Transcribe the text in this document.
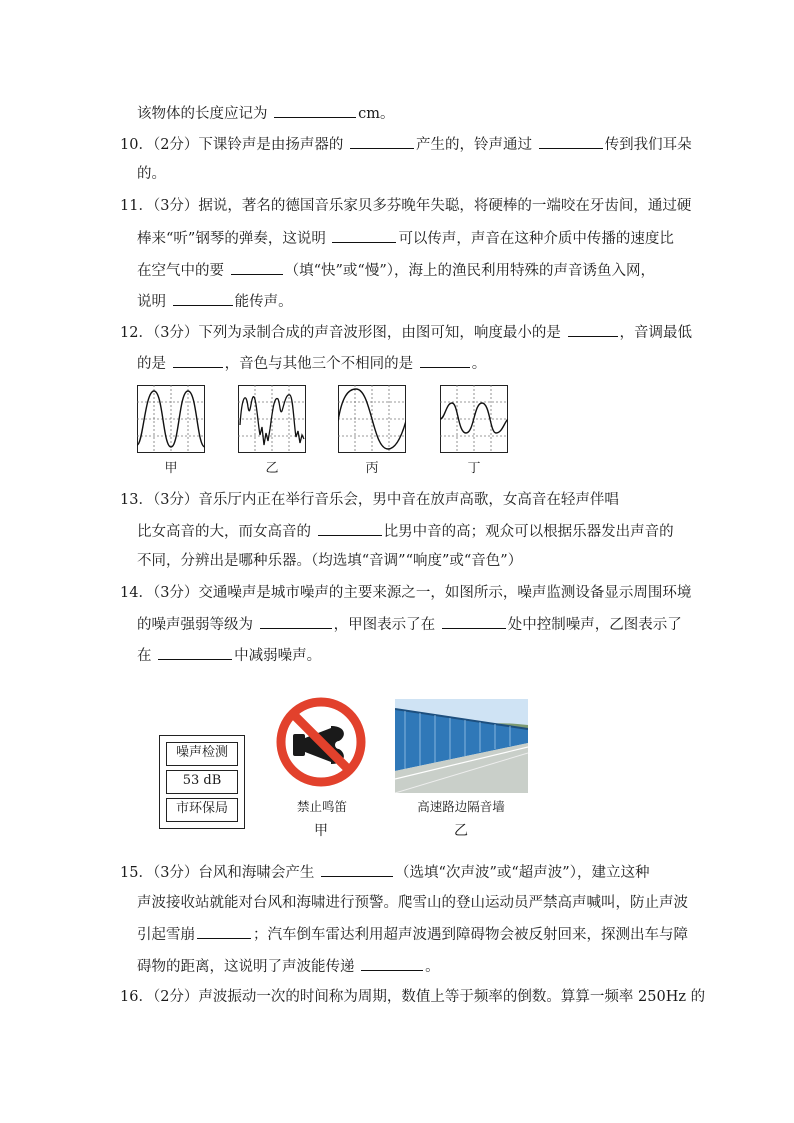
该物体的长度应记为	cm。
10．（2分）下课铃声是由扬声器的	产生的，铃声通过	传到我们耳朵
的。
11．（3分）据说，著名的德国音乐家贝多芬晚年失聪，将硬棒的一端咬在牙齿间，通过硬
棒来“听”钢琴的弹奏，这说明	可以传声，声音在这种介质中传播的速度比
在空气中的要	（填“快”或“慢”），海上的渔民利用特殊的声音诱鱼入网，
说明	能传声。
12．（3分）下列为录制合成的声音波形图，由图可知，响度最小的是	，音调最低
的是	，音色与其他三个不相同的是	。
甲	乙	丙	丁
13．（3分）音乐厅内正在举行音乐会，男中音在放声高歌，女高音在轻声伴唱
比女高音的大，而女高音的	比男中音的高；观众可以根据乐器发出声音的
不同，分辨出是哪种乐器。（均选填“音调”“响度”或“音色”）
14．（3分）交通噪声是城市噪声的主要来源之一，如图所示，噪声监测设备显示周围环境
的噪声强弱等级为	，甲图表示了在	处中控制噪声，乙图表示了
在	中减弱噪声。
噪声检测
53 dB
市环保局	禁止鸣笛
甲
高速路边隔音墙
乙
15．（3分）台风和海啸会产生	（选填“次声波”或“超声波”），建立这种
声波接收站就能对台风和海啸进行预警。爬雪山的登山运动员严禁高声喊叫，防止声波
引起雪崩	；汽车倒车雷达利用超声波遇到障碍物会被反射回来，探测出车与障
碍物的距离，这说明了声波能传递	。
16．（2分）声波振动一次的时间称为周期，数值上等于频率的倒数。算算一频率 250Hz 的
